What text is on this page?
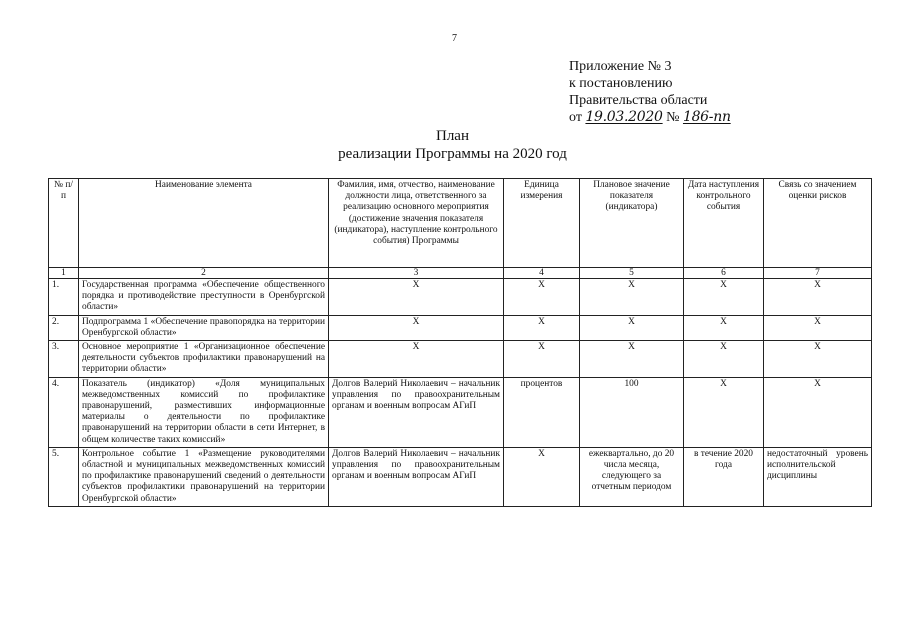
7
Приложение № 3
к постановлению
Правительства области
от 19.03.2020 № 186-пп
План
реализации Программы на 2020 год
№ п/п	Наименование элемента	Фамилия, имя, отчество, наименование должности лица, ответственного за реализацию основного мероприятия (достижение значения показателя (индикатора), наступление контрольного события) Программы	Единица измерения	Плановое значение показателя (индикатора)	Дата наступления контрольного события	Связь со значением оценки рисков
1	2	3	4	5	6	7
1.	Государственная программа «Обеспечение общественного порядка и противодействие преступности в Оренбургской области»	X	X	X	X	X
2.	Подпрограмма 1 «Обеспечение правопорядка на территории Оренбургской области»	X	X	X	X	X
3.	Основное мероприятие 1 «Организационное обеспечение деятельности субъектов профилактики правонарушений на территории области»	X	X	X	X	X
4.	Показатель (индикатор) «Доля муниципальных межведомственных комиссий по профилактике правонарушений, разместивших информационные материалы о деятельности по профилактике правонарушений на территории области в сети Интернет, в общем количестве таких комиссий»	Долгов Валерий Николаевич – начальник управления по правоохранительным органам и военным вопросам АГиП	процентов	100	X	X
5.	Контрольное событие 1 «Размещение руководителями областной и муниципальных межведомственных комиссий по профилактике правонарушений сведений о деятельности субъектов профилактики правонарушений на территории Оренбургской области»	Долгов Валерий Николаевич – начальник управления по правоохранительным органам и военным вопросам АГиП	X	ежеквартально, до 20 числа месяца, следующего за отчетным периодом	в течение 2020 года	недостаточный уровень исполнительской дисциплины
